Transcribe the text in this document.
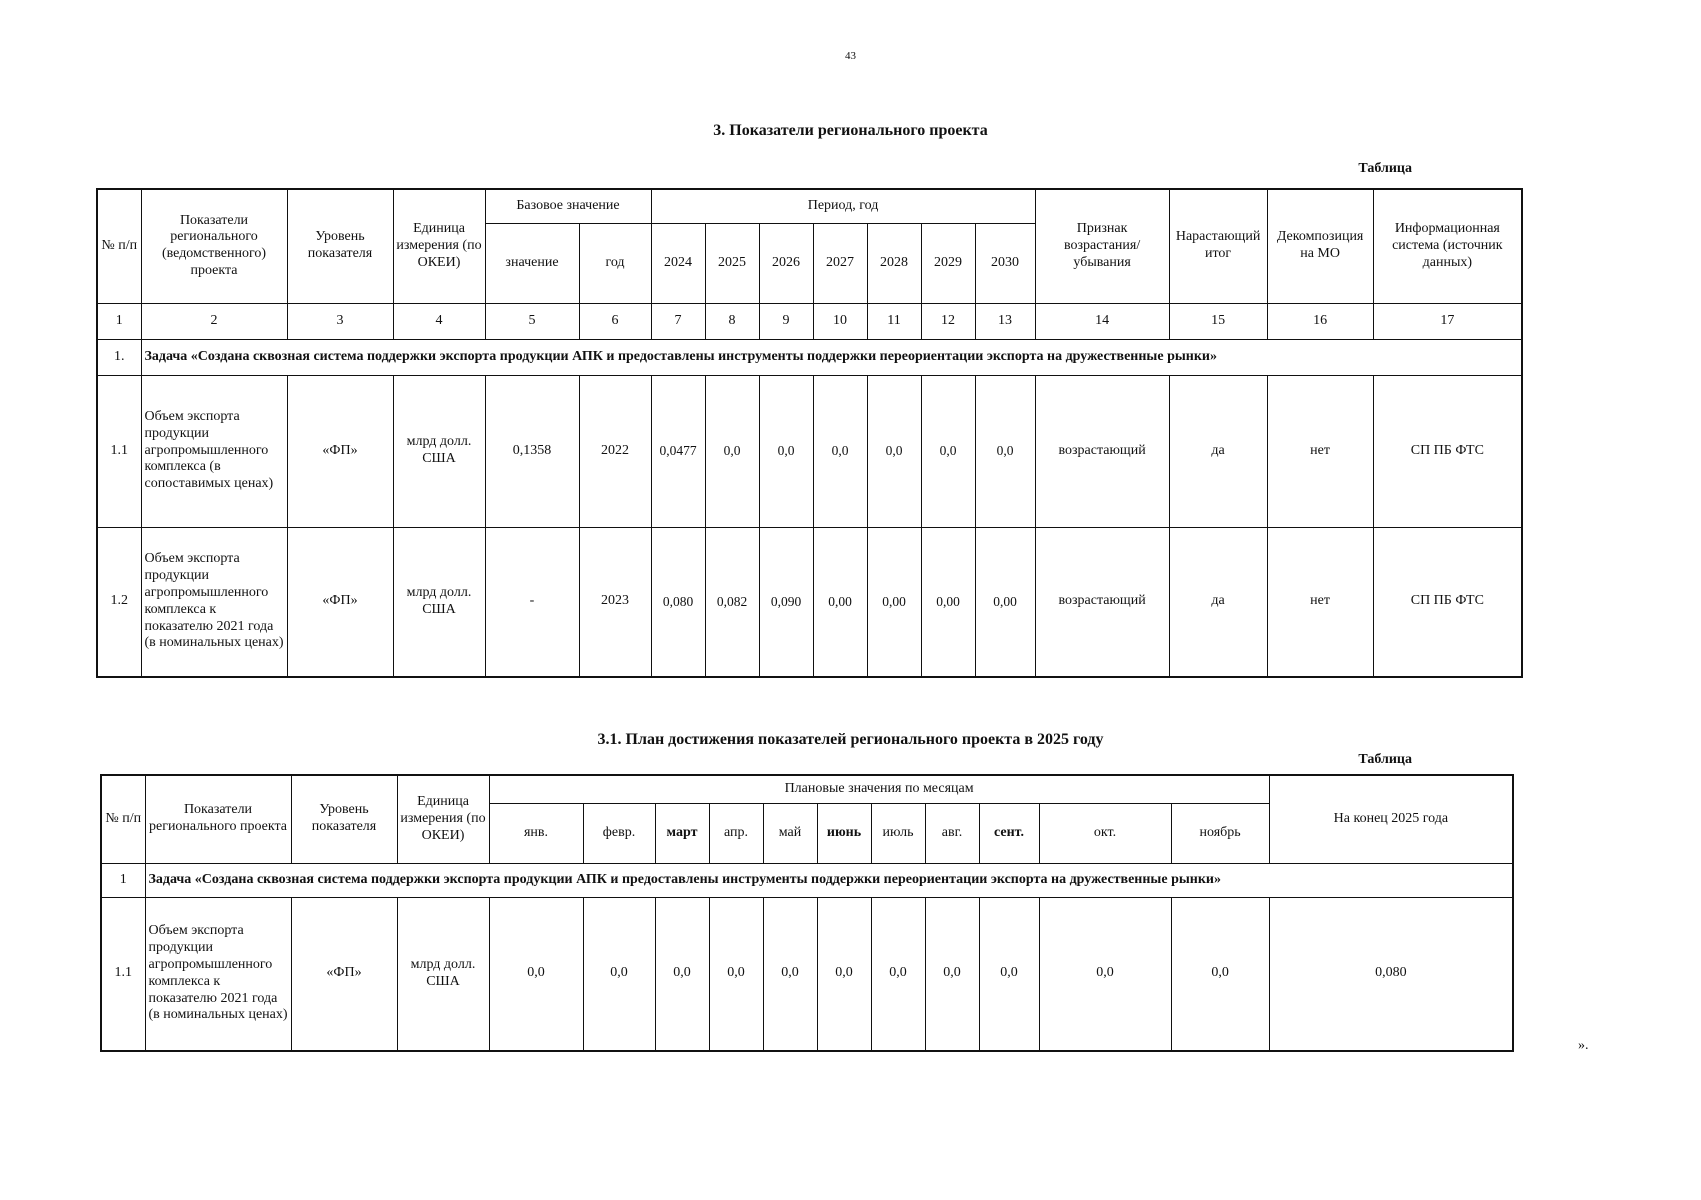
43
3. Показатели регионального проекта
Таблица
№ п/п	Показатели регионального (ведомственного) проекта	Уровень показателя	Единица измерения (по ОКЕИ)	Базовое значение		Период, год							Признак возрастания/убывания	Нарастающий итог	Декомпозиция на МО	Информационная система (источник данных)
				значение	год	2024	2025	2026	2027	2028	2029	2030				
1	2	3	4	5	6	7	8	9	10	11	12	13	14	15	16	17
1.	Задача «Создана сквозная система поддержки экспорта продукции АПК и предоставлены инструменты поддержки переориентации экспорта на дружественные рынки»															
1.1	Объем экспорта продукции агропромышленного комплекса (в сопоставимых ценах)	«ФП»	млрд долл. США	0,1358	2022	0,0477	0,0	0,0	0,0	0,0	0,0	0,0	возрастающий	да	нет	СП ПБ ФТС
1.2	Объем экспорта продукции агропромышленного комплекса к показателю 2021 года (в номинальных ценах)	«ФП»	млрд долл. США	-	2023	0,080	0,082	0,090	0,00	0,00	0,00	0,00	возрастающий	да	нет	СП ПБ ФТС
3.1. План достижения показателей регионального проекта в 2025 году
Таблица
№ п/п	Показатели регионального проекта	Уровень показателя	Единица измерения (по ОКЕИ)	Плановые значения по месяцам											На конец 2025 года
				янв.	февр.	март	апр.	май	июнь	июль	авг.	сент.	окт.	ноябрь	
1	Задача «Создана сквозная система поддержки экспорта продукции АПК и предоставлены инструменты поддержки переориентации экспорта на дружественные рынки»														
1.1	Объем экспорта продукции агропромышленного комплекса к показателю 2021 года (в номинальных ценах)	«ФП»	млрд долл. США	0,0	0,0	0,0	0,0	0,0	0,0	0,0	0,0	0,0	0,0	0,0	0,080
».
